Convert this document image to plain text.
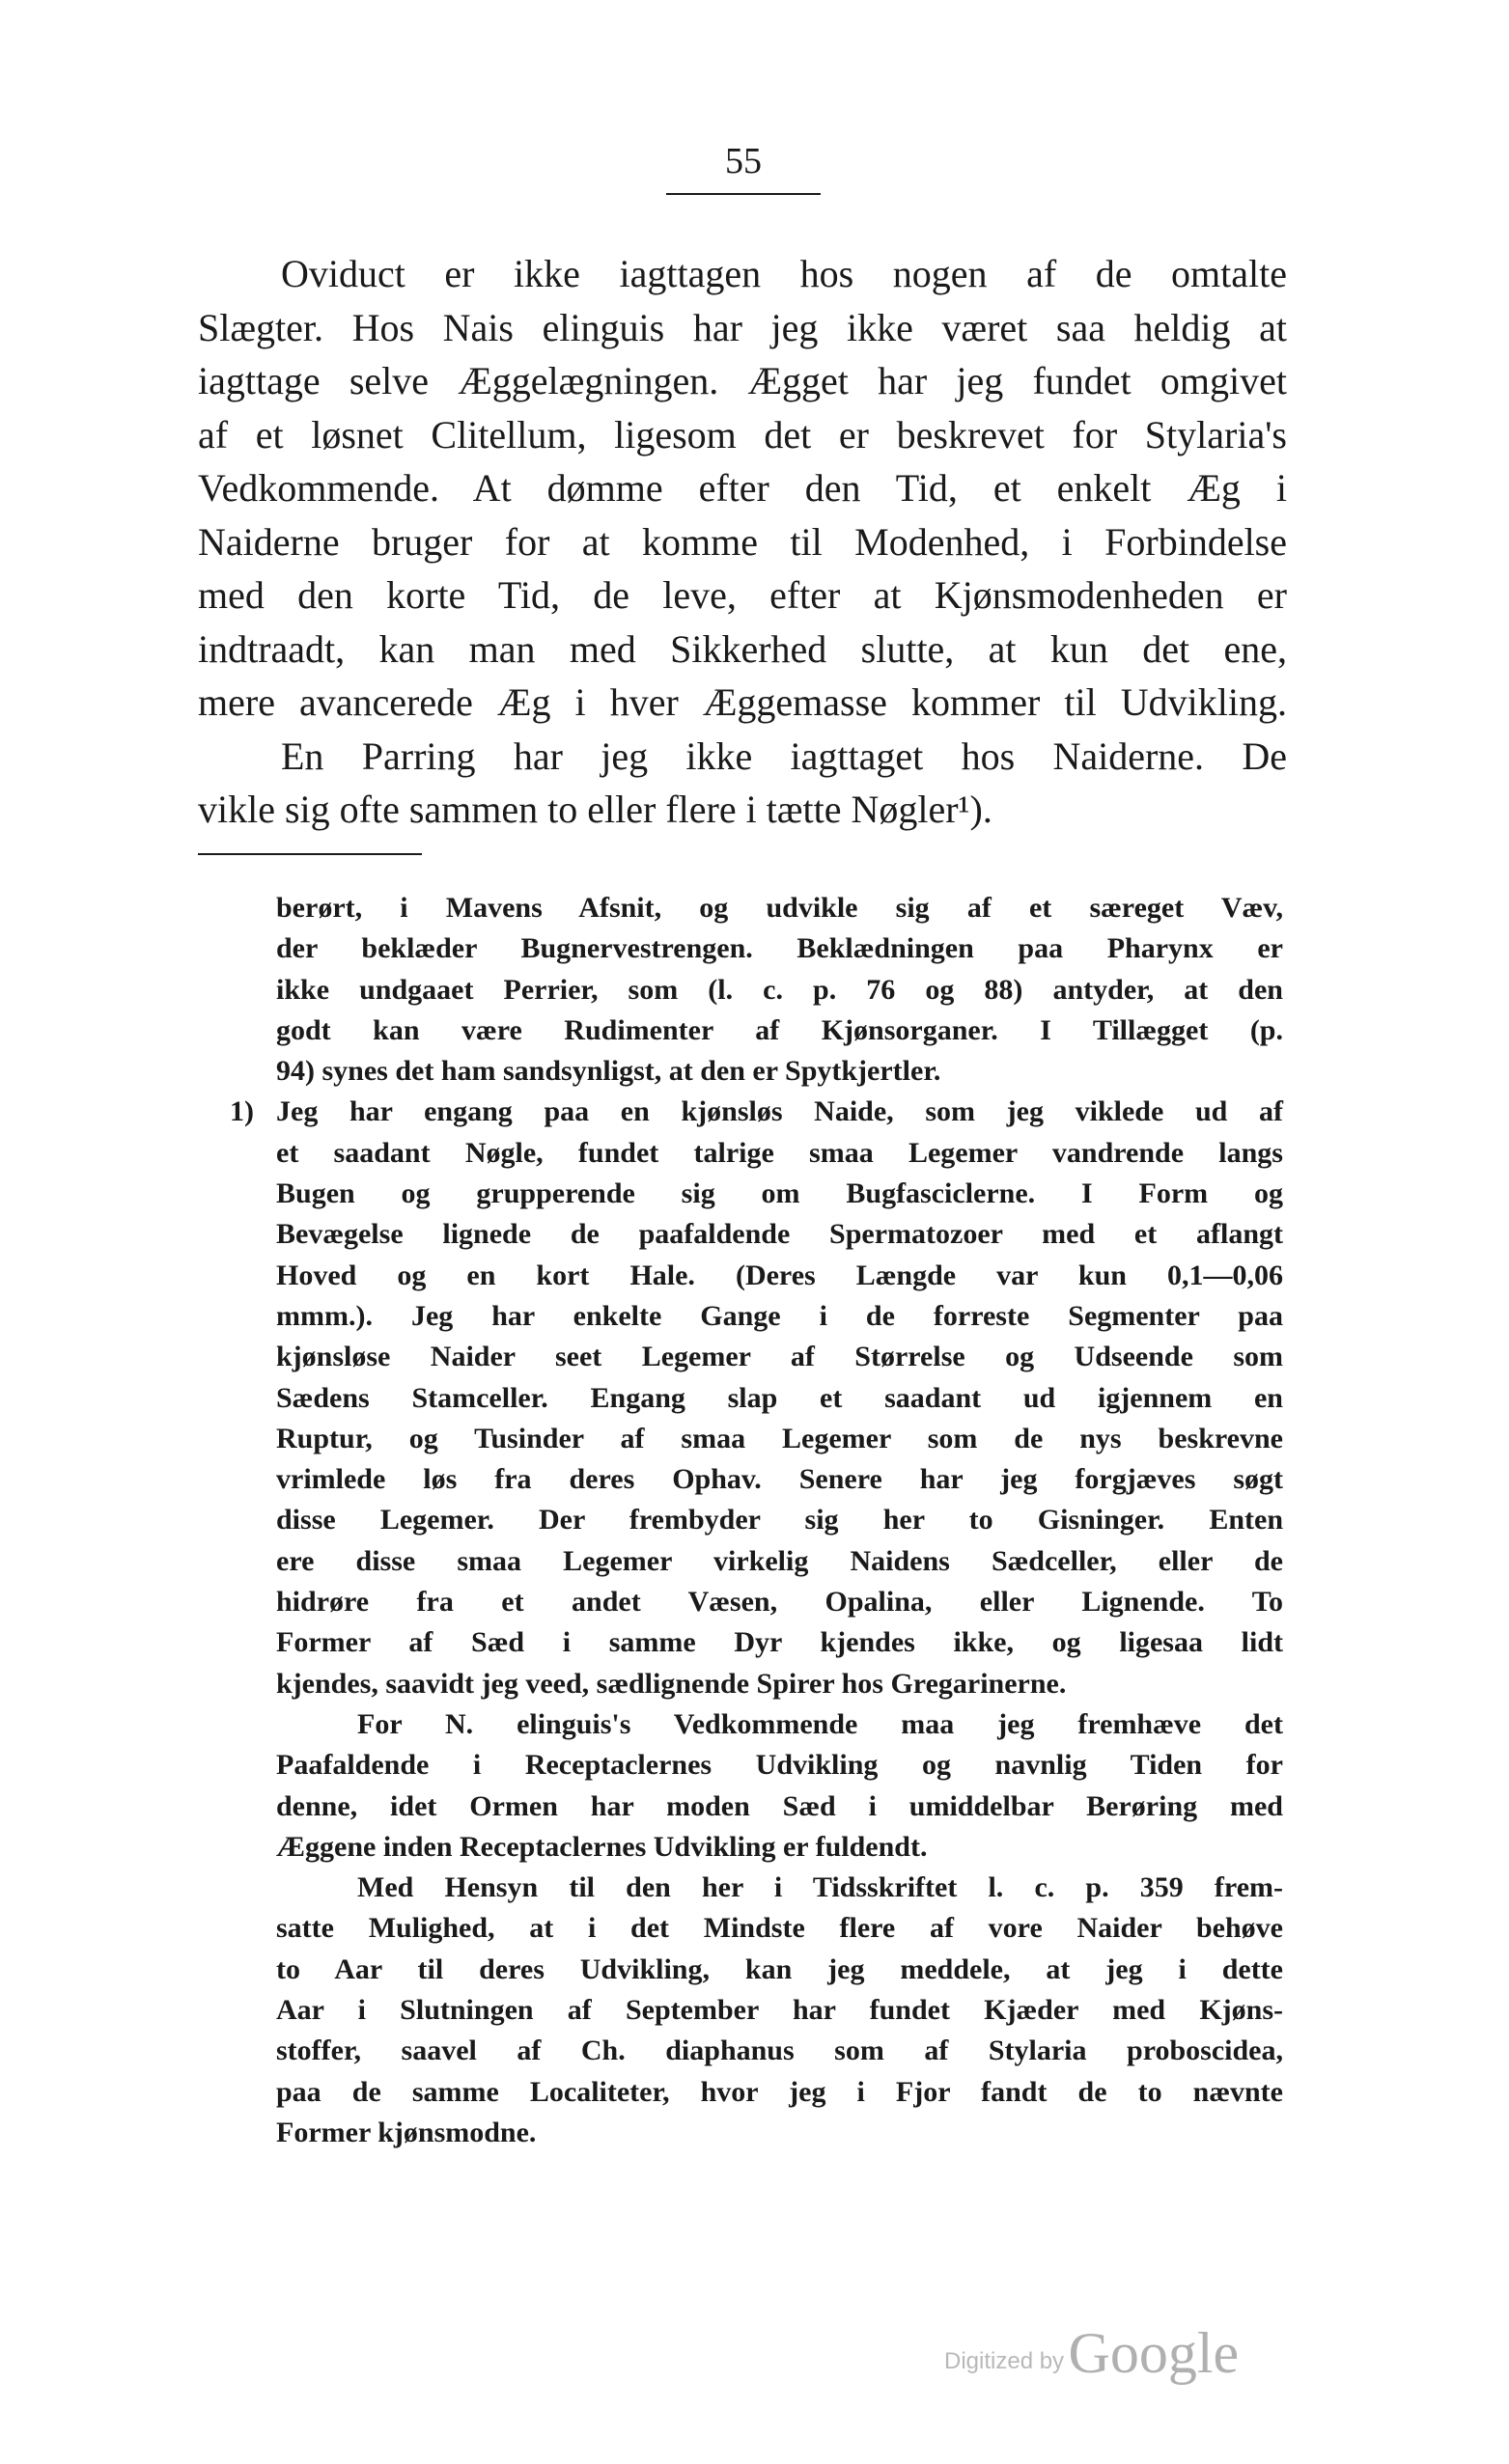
55
Oviduct er ikke iagttagen hos nogen af de omtalte
Slægter. Hos Nais elinguis har jeg ikke været saa heldig at
iagttage selve Æggelægningen. Ægget har jeg fundet omgivet
af et løsnet Clitellum, ligesom det er beskrevet for Stylaria's
Vedkommende. At dømme efter den Tid, et enkelt Æg i
Naiderne bruger for at komme til Modenhed, i Forbindelse
med den korte Tid, de leve, efter at Kjønsmodenheden er
indtraadt, kan man med Sikkerhed slutte, at kun det ene,
mere avancerede Æg i hver Æggemasse kommer til Udvikling.
En Parring har jeg ikke iagttaget hos Naiderne. De
vikle sig ofte sammen to eller flere i tætte Nøgler¹).
berørt, i Mavens Afsnit, og udvikle sig af et særeget Væv,
der beklæder Bugnervestrengen. Beklædningen paa Pharynx er
ikke undgaaet Perrier, som (l. c. p. 76 og 88) antyder, at den
godt kan være Rudimenter af Kjønsorganer. I Tillægget (p.
94) synes det ham sandsynligst, at den er Spytkjertler.
1) Jeg har engang paa en kjønsløs Naide, som jeg viklede ud af
et saadant Nøgle, fundet talrige smaa Legemer vandrende langs
Bugen og grupperende sig om Bugfasciclerne. I Form og
Bevægelse lignede de paafaldende Spermatozoer med et aflangt
Hoved og en kort Hale. (Deres Længde var kun 0,1—0,06
mmm.). Jeg har enkelte Gange i de forreste Segmenter paa
kjønsløse Naider seet Legemer af Størrelse og Udseende som
Sædens Stamceller. Engang slap et saadant ud igjennem en
Ruptur, og Tusinder af smaa Legemer som de nys beskrevne
vrimlede løs fra deres Ophav. Senere har jeg forgjæves søgt
disse Legemer. Der frembyder sig her to Gisninger. Enten
ere disse smaa Legemer virkelig Naidens Sædceller, eller de
hidrøre fra et andet Væsen, Opalina, eller Lignende. To
Former af Sæd i samme Dyr kjendes ikke, og ligesaa lidt
kjendes, saavidt jeg veed, sædlignende Spirer hos Gregarinerne.
For N. elinguis's Vedkommende maa jeg fremhæve det
Paafaldende i Receptaclernes Udvikling og navnlig Tiden for
denne, idet Ormen har moden Sæd i umiddelbar Berøring med
Æggene inden Receptaclernes Udvikling er fuldendt.
Med Hensyn til den her i Tidsskriftet l. c. p. 359 frem-
satte Mulighed, at i det Mindste flere af vore Naider behøve
to Aar til deres Udvikling, kan jeg meddele, at jeg i dette
Aar i Slutningen af September har fundet Kjæder med Kjøns-
stoffer, saavel af Ch. diaphanus som af Stylaria proboscidea,
paa de samme Localiteter, hvor jeg i Fjor fandt de to nævnte
Former kjønsmodne.
Digitized by Google
